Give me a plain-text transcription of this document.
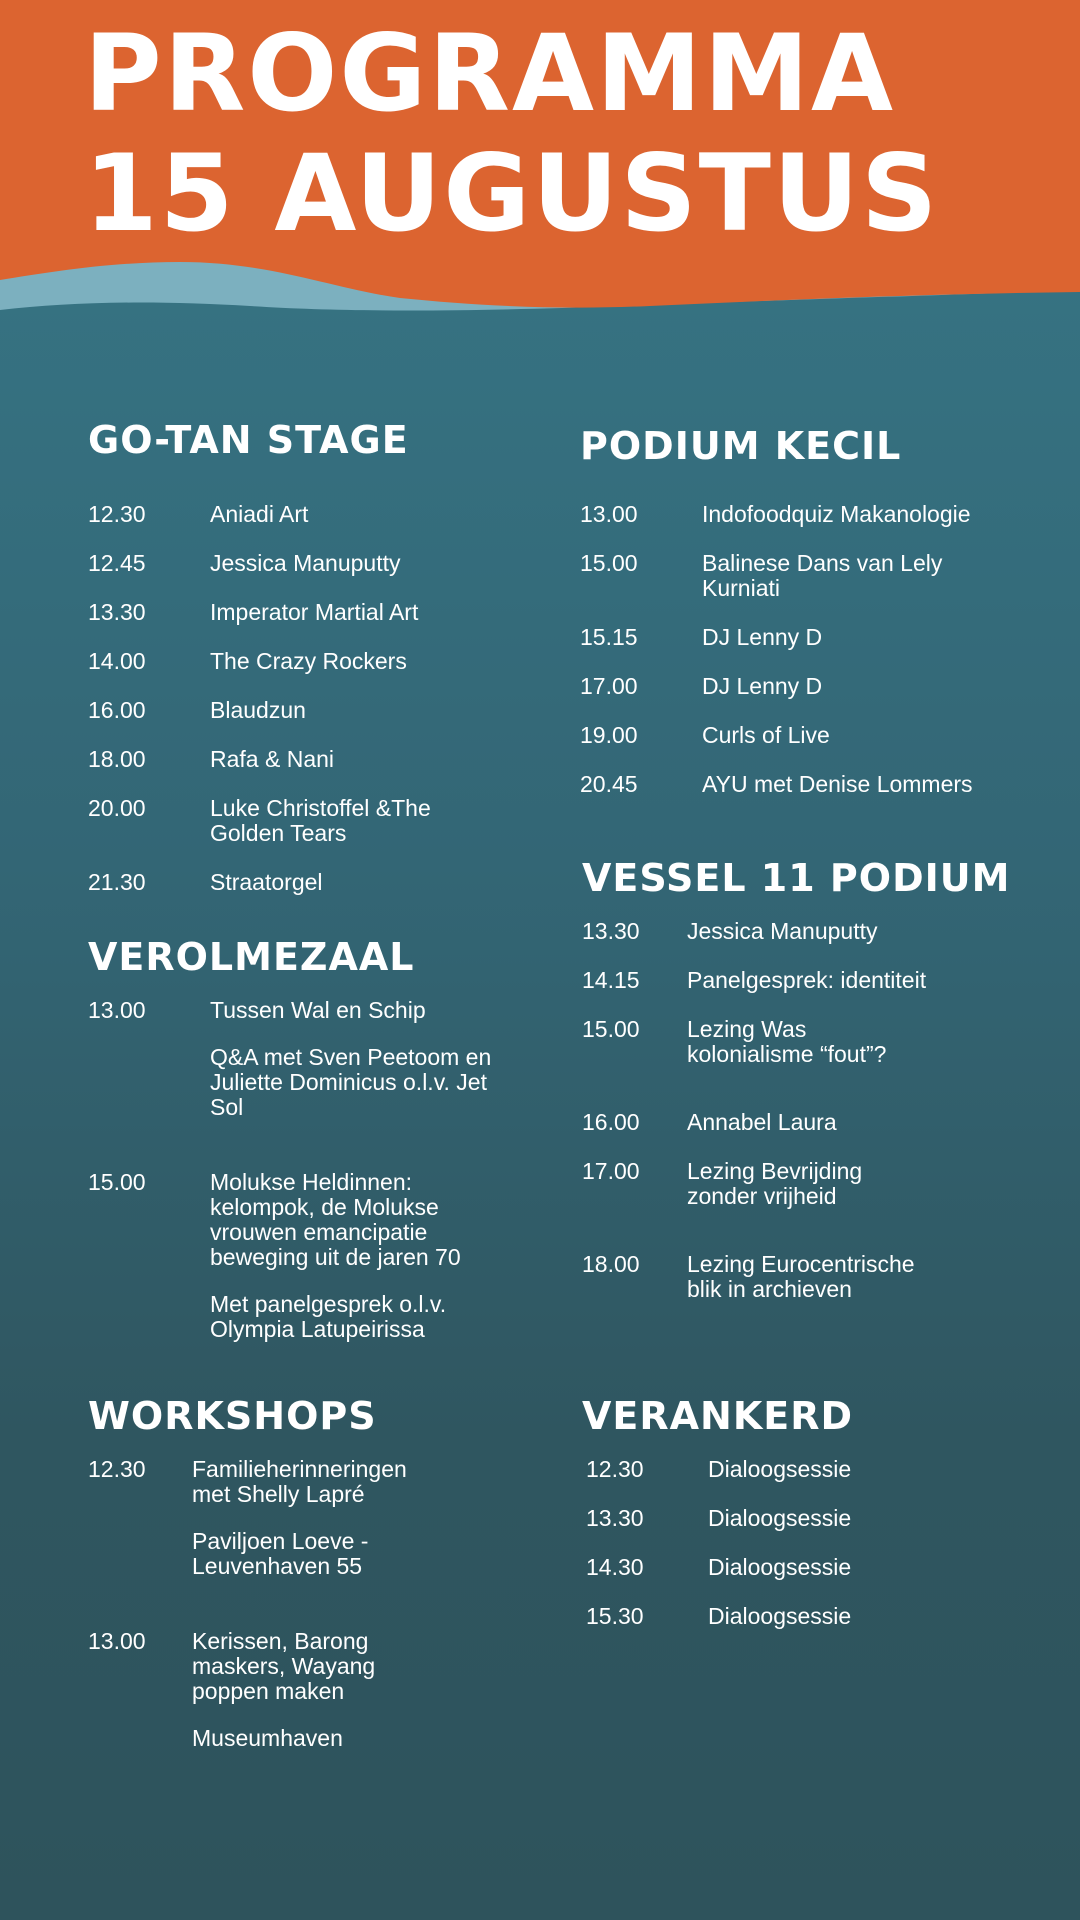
PROGRAMMA
15 AUGUSTUS
GO-TAN STAGE
12.30	Aniadi Art

12.45	Jessica Manuputty

13.30	Imperator Martial Art

14.00	The Crazy Rockers

16.00	Blaudzun

18.00	Rafa & Nani

20.00	Luke Christoffel &The Golden Tears

21.30	Straatorgel

VEROLMEZAAL
13.00	Tussen Wal en Schip

Q&A met Sven Peetoom en Juliette Dominicus o.l.v. Jet Sol

15.00	Molukse Heldinnen: kelompok, de Molukse vrouwen emancipatie beweging uit de jaren 70

Met panelgesprek o.l.v. Olympia Latupeirissa

WORKSHOPS
12.30	Familieherinneringen met Shelly Lapré

Paviljoen Loeve - Leuvenhaven 55

13.00	Kerissen, Barong maskers, Wayang poppen maken

Museumhaven

PODIUM KECIL
13.00	Indofoodquiz Makanologie

15.00	Balinese Dans van Lely Kurniati

15.15	DJ Lenny D

17.00	DJ Lenny D

19.00	Curls of Live

20.45	AYU met Denise Lommers

VESSEL 11 PODIUM
13.30	Jessica Manuputty

14.15	Panelgesprek: identiteit

15.00	Lezing Was kolonialisme “fout”?

16.00	Annabel Laura

17.00	Lezing Bevrijding zonder vrijheid

18.00	Lezing Eurocentrische blik in archieven

VERANKERD
12.30	Dialoogsessie

13.30	Dialoogsessie

14.30	Dialoogsessie

15.30	Dialoogsessie
